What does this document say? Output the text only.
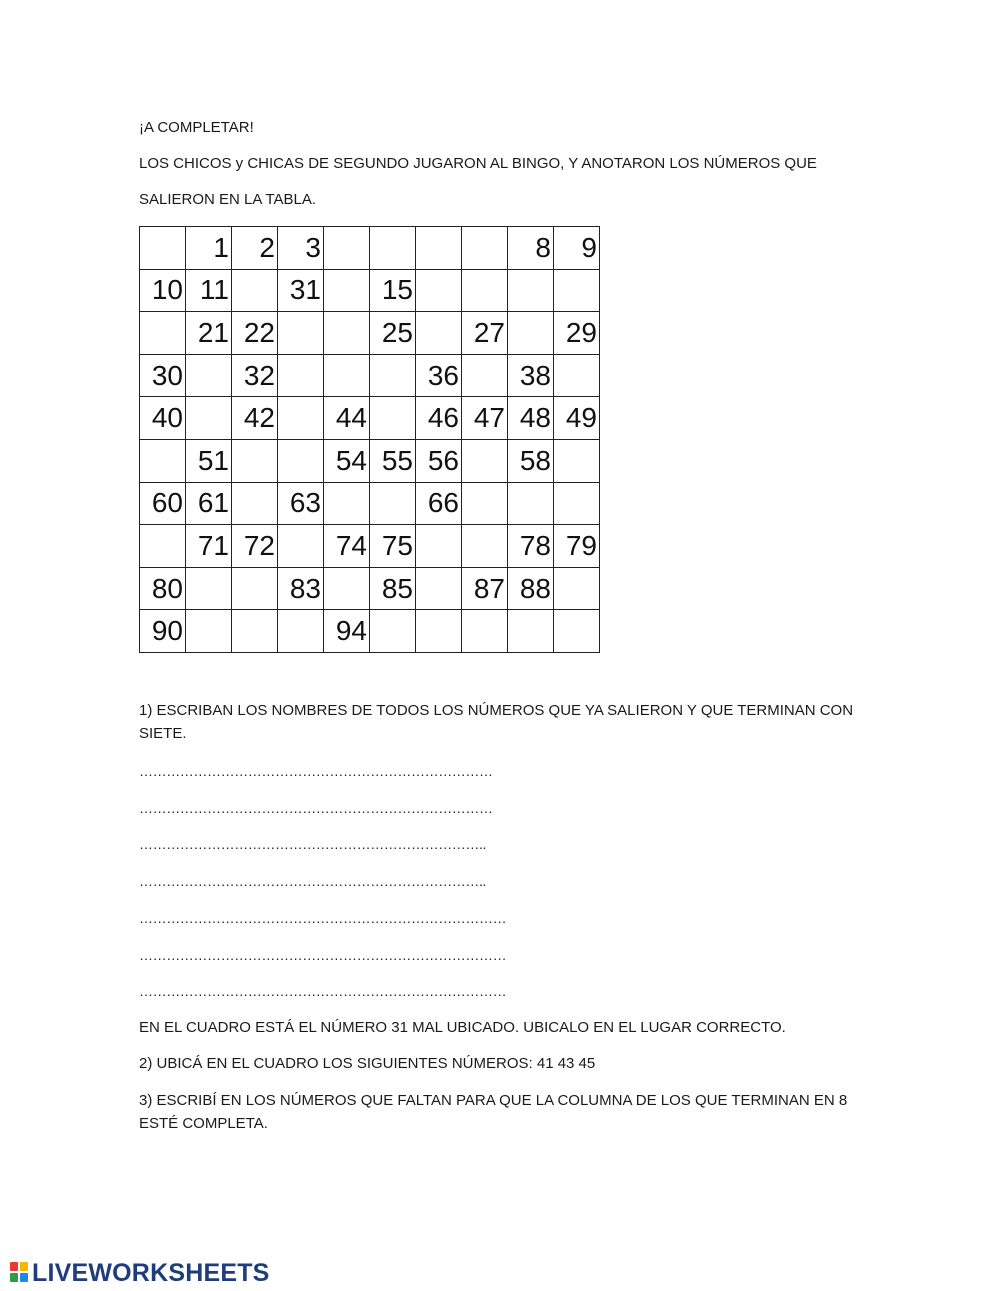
¡A COMPLETAR!

LOS CHICOS y CHICAS DE SEGUNDO JUGARON AL BINGO, Y ANOTARON LOS NÚMEROS QUE

SALIERON EN LA TABLA.

	1	2	3					8	9
10	11		31		15				
	21	22			25		27		29
30		32				36		38	
40		42		44		46	47	48	49
	51			54	55	56		58	
60	61		63			66			
	71	72		74	75			78	79
80			83		85		87	88	
90				94					

1) ESCRIBAN LOS NOMBRES DE TODOS LOS NÚMEROS QUE YA SALIERON Y QUE TERMINAN CON SIETE.

……………………………………………………………………
……………………………………………………………………
…………………………………………………………………..
…………………………………………………………………..
………………………………………………………………………
………………………………………………………………………
………………………………………………………………………

EN EL CUADRO ESTÁ EL NÚMERO 31 MAL UBICADO. UBICALO EN EL LUGAR CORRECTO.

2) UBICÁ EN EL CUADRO LOS SIGUIENTES NÚMEROS: 41 43 45

3) ESCRIBÍ EN LOS NÚMEROS QUE FALTAN PARA QUE LA COLUMNA DE LOS QUE TERMINAN EN 8 ESTÉ COMPLETA.

LIVEWORKSHEETS
